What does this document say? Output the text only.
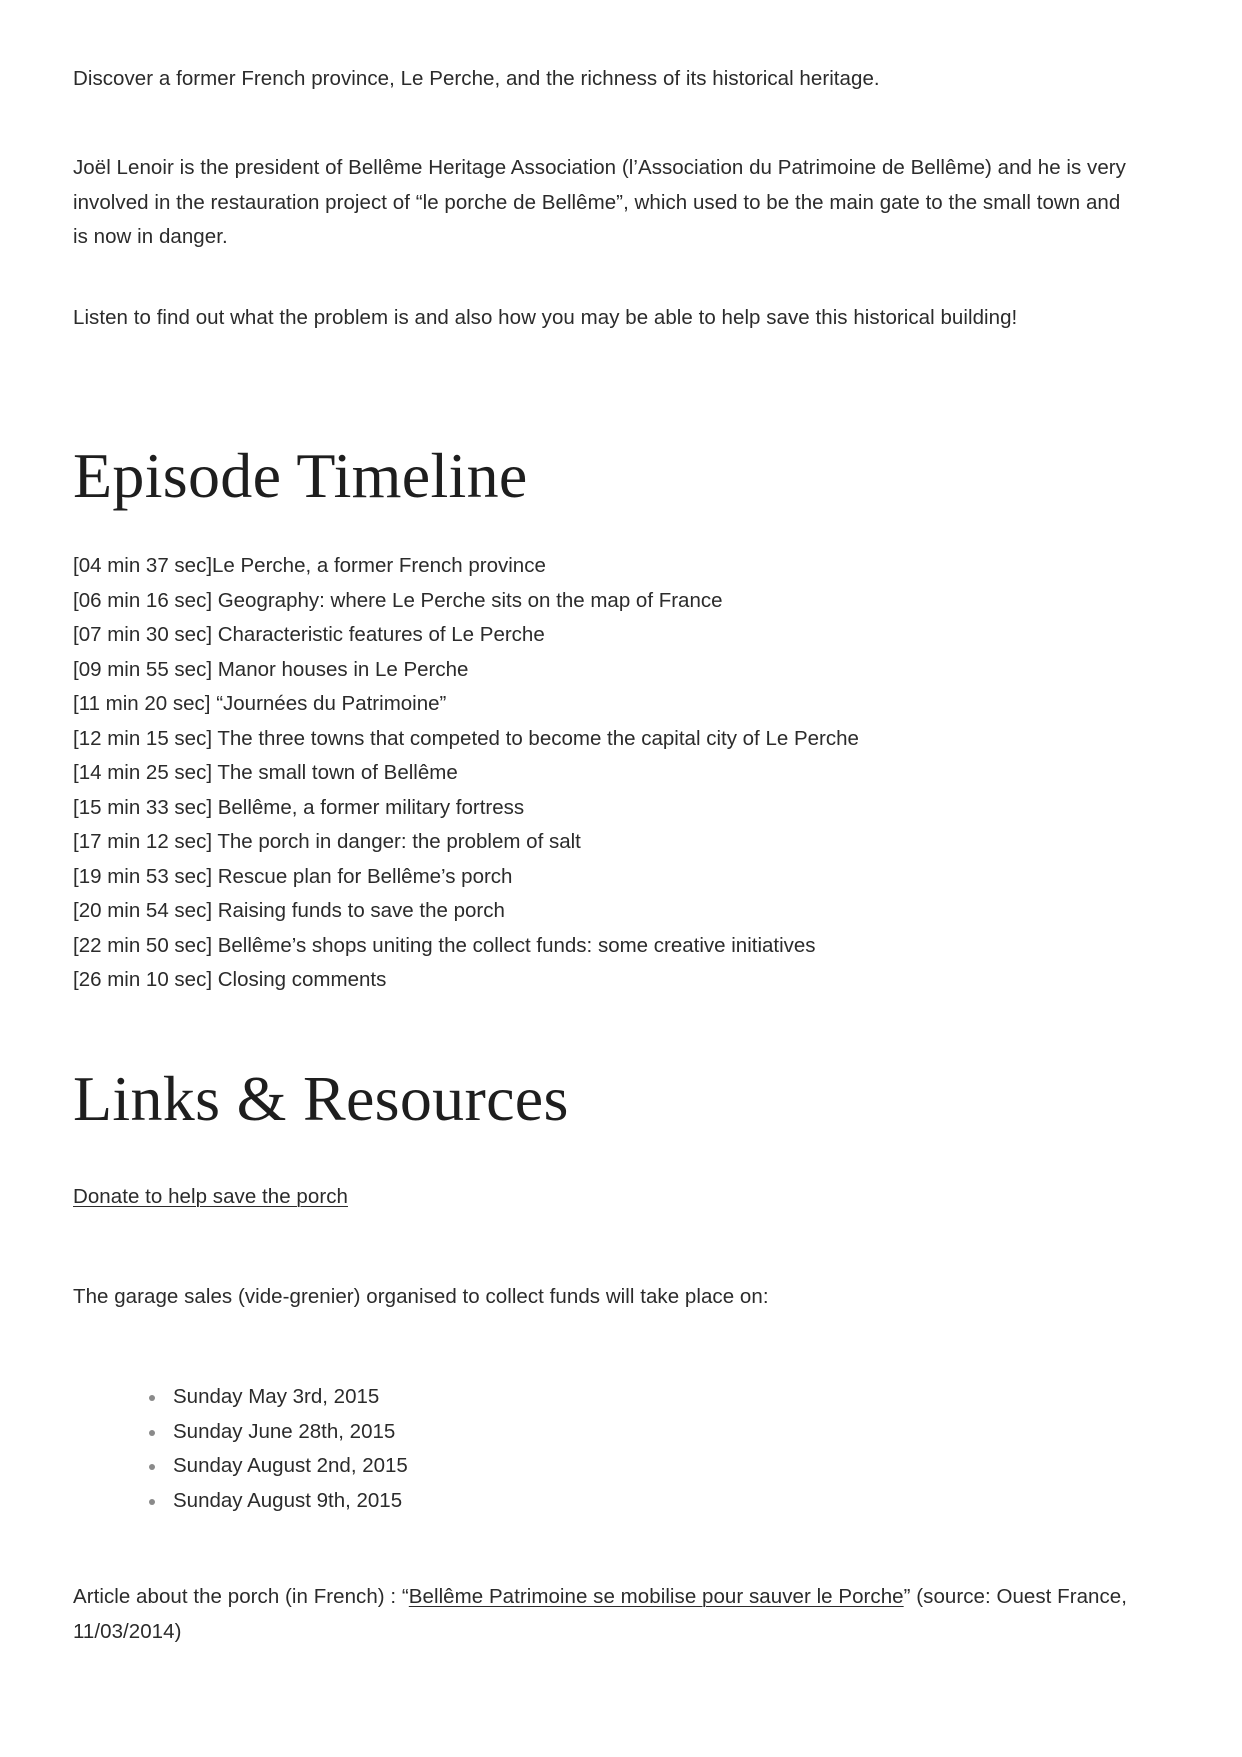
Discover a former French province, Le Perche, and the richness of its historical heritage.

Joël Lenoir is the president of Bellême Heritage Association (l’Association du Patrimoine de Bellême) and he is very involved in the restauration project of “le porche de Bellême”, which used to be the main gate to the small town and is now in danger.

Listen to find out what the problem is and also how you may be able to help save this historical building!

Episode Timeline
[04 min 37 sec]Le Perche, a former French province
[06 min 16 sec] Geography: where Le Perche sits on the map of France
[07 min 30 sec] Characteristic features of Le Perche
[09 min 55 sec] Manor houses in Le Perche
[11 min 20 sec] “Journées du Patrimoine”
[12 min 15 sec] The three towns that competed to become the capital city of Le Perche
[14 min 25 sec] The small town of Bellême
[15 min 33 sec] Bellême, a former military fortress
[17 min 12 sec] The porch in danger: the problem of salt
[19 min 53 sec] Rescue plan for Bellême’s porch
[20 min 54 sec] Raising funds to save the porch
[22 min 50 sec] Bellême’s shops uniting the collect funds: some creative initiatives
[26 min 10 sec] Closing comments
Links & Resources

Donate to help save the porch

The garage sales (vide-grenier) organised to collect funds will take place on:

Sunday May 3rd, 2015
Sunday June 28th, 2015
Sunday August 2nd, 2015
Sunday August 9th, 2015

Article about the porch (in French) : “Bellême Patrimoine se mobilise pour sauver le Porche” (source: Ouest France, 11/03/2014)
